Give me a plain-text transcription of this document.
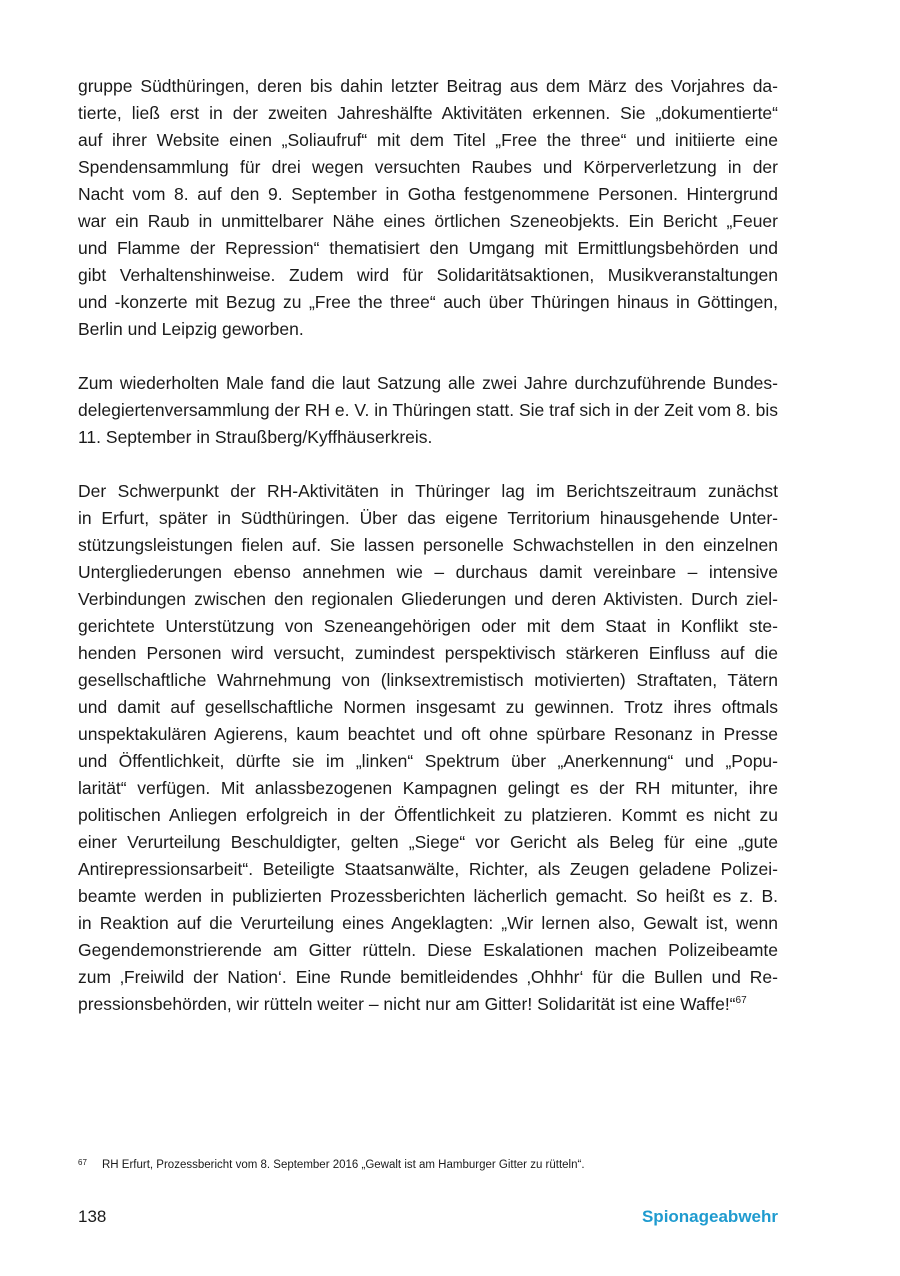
gruppe Südthüringen, deren bis dahin letzter Beitrag aus dem März des Vorjahres da-
tierte, ließ erst in der zweiten Jahreshälfte Aktivitäten erkennen. Sie „dokumentierte“
auf ihrer Website einen „Soliaufruf“ mit dem Titel „Free the three“ und initiierte eine
Spendensammlung für drei wegen versuchten Raubes und Körperverletzung in der
Nacht vom 8. auf den 9. September in Gotha festgenommene Personen. Hintergrund
war ein Raub in unmittelbarer Nähe eines örtlichen Szeneobjekts. Ein Bericht „Feuer
und Flamme der Repression“ thematisiert den Umgang mit Ermittlungsbehörden und
gibt Verhaltenshinweise. Zudem wird für Solidaritätsaktionen, Musikveranstaltungen
und -konzerte mit Bezug zu „Free the three“ auch über Thüringen hinaus in Göttingen,
Berlin und Leipzig geworben.
Zum wiederholten Male fand die laut Satzung alle zwei Jahre durchzuführende Bundes-
delegiertenversammlung der RH e. V. in Thüringen statt. Sie traf sich in der Zeit vom 8. bis
11. September in Straußberg/Kyffhäuserkreis.
Der Schwerpunkt der RH-Aktivitäten in Thüringer lag im Berichtszeitraum zunächst
in Erfurt, später in Südthüringen. Über das eigene Territorium hinausgehende Unter-
stützungsleistungen fielen auf. Sie lassen personelle Schwachstellen in den einzelnen
Untergliederungen ebenso annehmen wie – durchaus damit vereinbare – intensive
Verbindungen zwischen den regionalen Gliederungen und deren Aktivisten. Durch ziel-
gerichtete Unterstützung von Szeneangehörigen oder mit dem Staat in Konflikt ste-
henden Personen wird versucht, zumindest perspektivisch stärkeren Einfluss auf die
gesellschaftliche Wahrnehmung von (linksextremistisch motivierten) Straftaten, Tätern
und damit auf gesellschaftliche Normen insgesamt zu gewinnen. Trotz ihres oftmals
unspektakulären Agierens, kaum beachtet und oft ohne spürbare Resonanz in Presse
und Öffentlichkeit, dürfte sie im „linken“ Spektrum über „Anerkennung“ und „Popu-
larität“ verfügen. Mit anlassbezogenen Kampagnen gelingt es der RH mitunter, ihre
politischen Anliegen erfolgreich in der Öffentlichkeit zu platzieren. Kommt es nicht zu
einer Verurteilung Beschuldigter, gelten „Siege“ vor Gericht als Beleg für eine „gute
Antirepressionsarbeit“. Beteiligte Staatsanwälte, Richter, als Zeugen geladene Polizei-
beamte werden in publizierten Prozessberichten lächerlich gemacht. So heißt es z. B.
in Reaktion auf die Verurteilung eines Angeklagten: „Wir lernen also, Gewalt ist, wenn
Gegendemonstrierende am Gitter rütteln. Diese Eskalationen machen Polizeibeamte
zum ‚Freiwild der Nation‘. Eine Runde bemitleidendes ‚Ohhhr‘ für die Bullen und Re-
pressionsbehörden, wir rütteln weiter – nicht nur am Gitter! Solidarität ist eine Waffe!“$^{67}$
67 RH Erfurt, Prozessbericht vom 8. September 2016 „Gewalt ist am Hamburger Gitter zu rütteln“.
138	Spionageabwehr
